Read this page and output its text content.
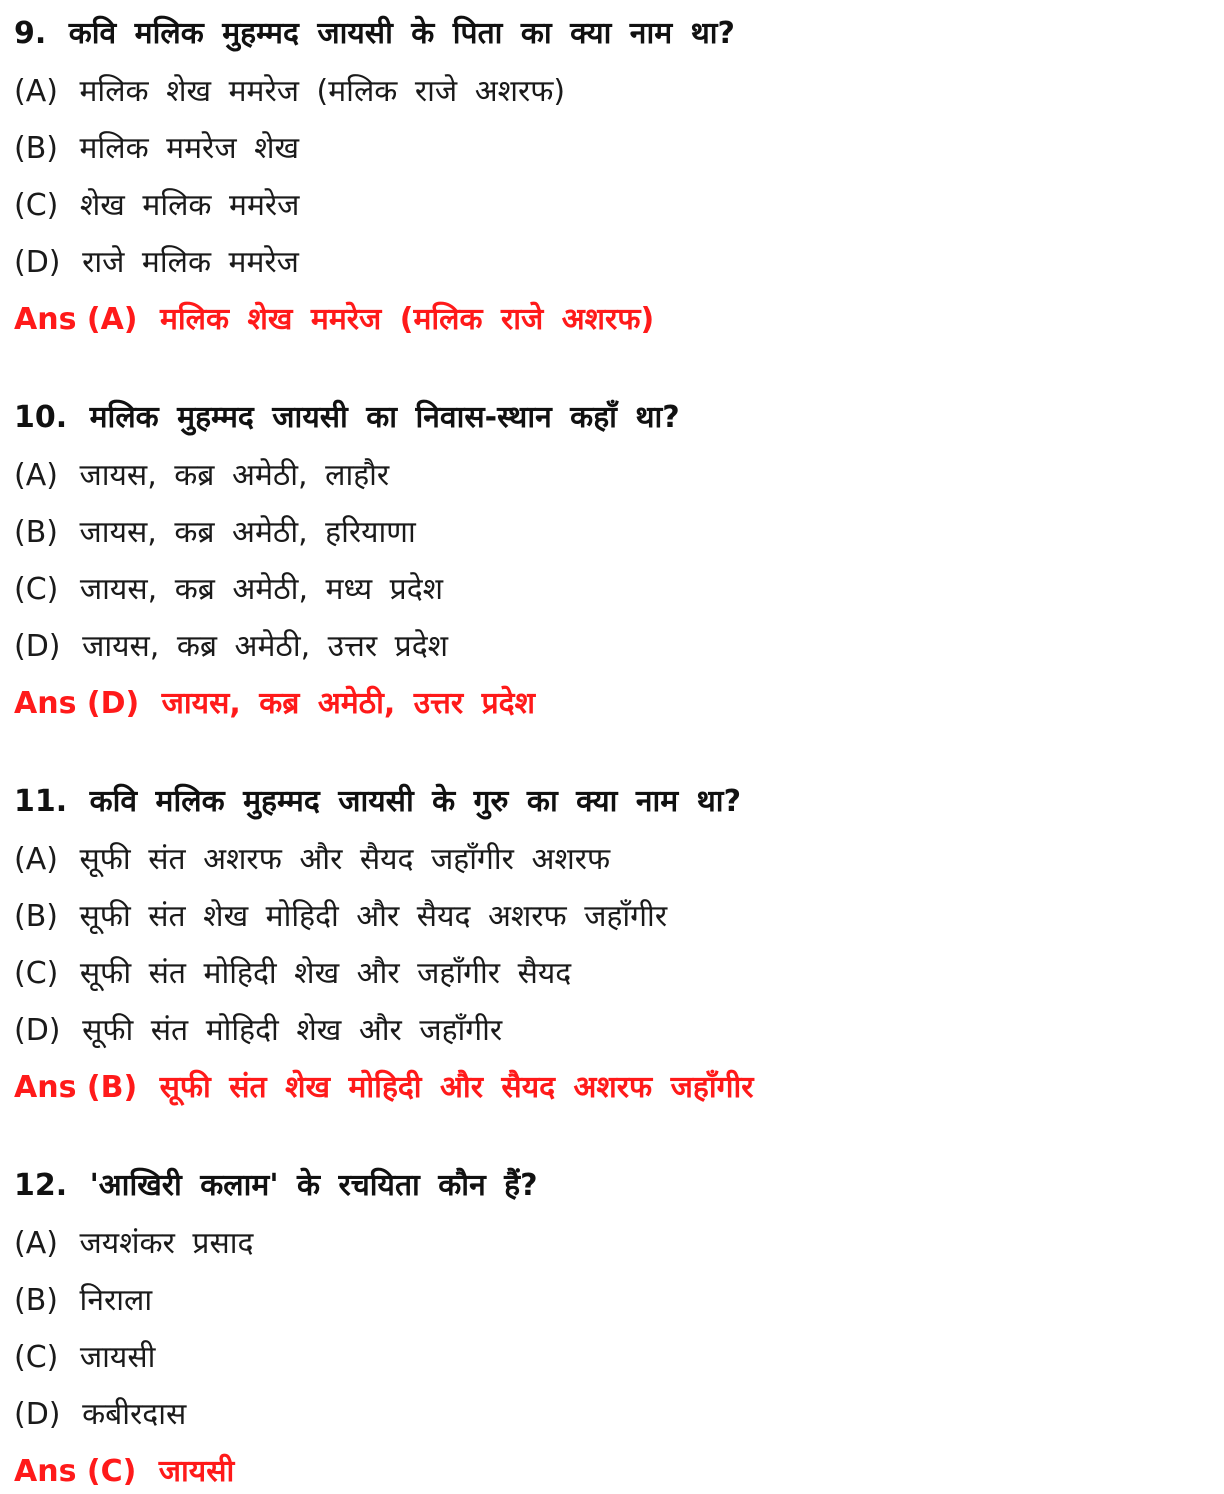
9. कवि मलिक मुहम्मद जायसी के पिता का क्या नाम था?
(A) मलिक शेख ममरेज (मलिक राजे अशरफ)
(B) मलिक ममरेज शेख
(C) शेख मलिक ममरेज
(D) राजे मलिक ममरेज
Ans (A) मलिक शेख ममरेज (मलिक राजे अशरफ)
10. मलिक मुहम्मद जायसी का निवास-स्थान कहाँ था?
(A) जायस, कब्र अमेठी, लाहौर
(B) जायस, कब्र अमेठी, हरियाणा
(C) जायस, कब्र अमेठी, मध्य प्रदेश
(D) जायस, कब्र अमेठी, उत्तर प्रदेश
Ans (D) जायस, कब्र अमेठी, उत्तर प्रदेश
11. कवि मलिक मुहम्मद जायसी के गुरु का क्या नाम था?
(A) सूफी संत अशरफ और सैयद जहाँगीर अशरफ
(B) सूफी संत शेख मोहिदी और सैयद अशरफ जहाँगीर
(C) सूफी संत मोहिदी शेख और जहाँगीर सैयद
(D) सूफी संत मोहिदी शेख और जहाँगीर
Ans (B) सूफी संत शेख मोहिदी और सैयद अशरफ जहाँगीर
12. 'आखिरी कलाम' के रचयिता कौन हैं?
(A) जयशंकर प्रसाद
(B) निराला
(C) जायसी
(D) कबीरदास
Ans (C) जायसी
